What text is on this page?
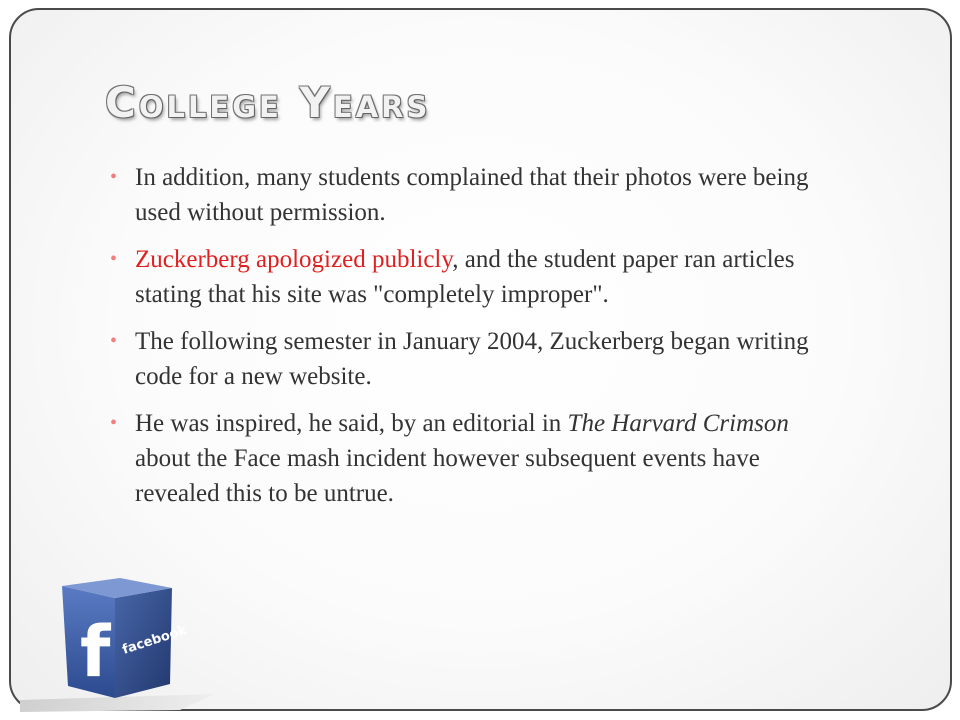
College Years
• In addition, many students complained that their photos were being used without permission.
• Zuckerberg apologized publicly, and the student paper ran articles stating that his site was "completely improper".
• The following semester in January 2004, Zuckerberg began writing code for a new website.
• He was inspired, he said, by an editorial in The Harvard Crimson about the Face mash incident however subsequent events have revealed this to be untrue.
f facebook
